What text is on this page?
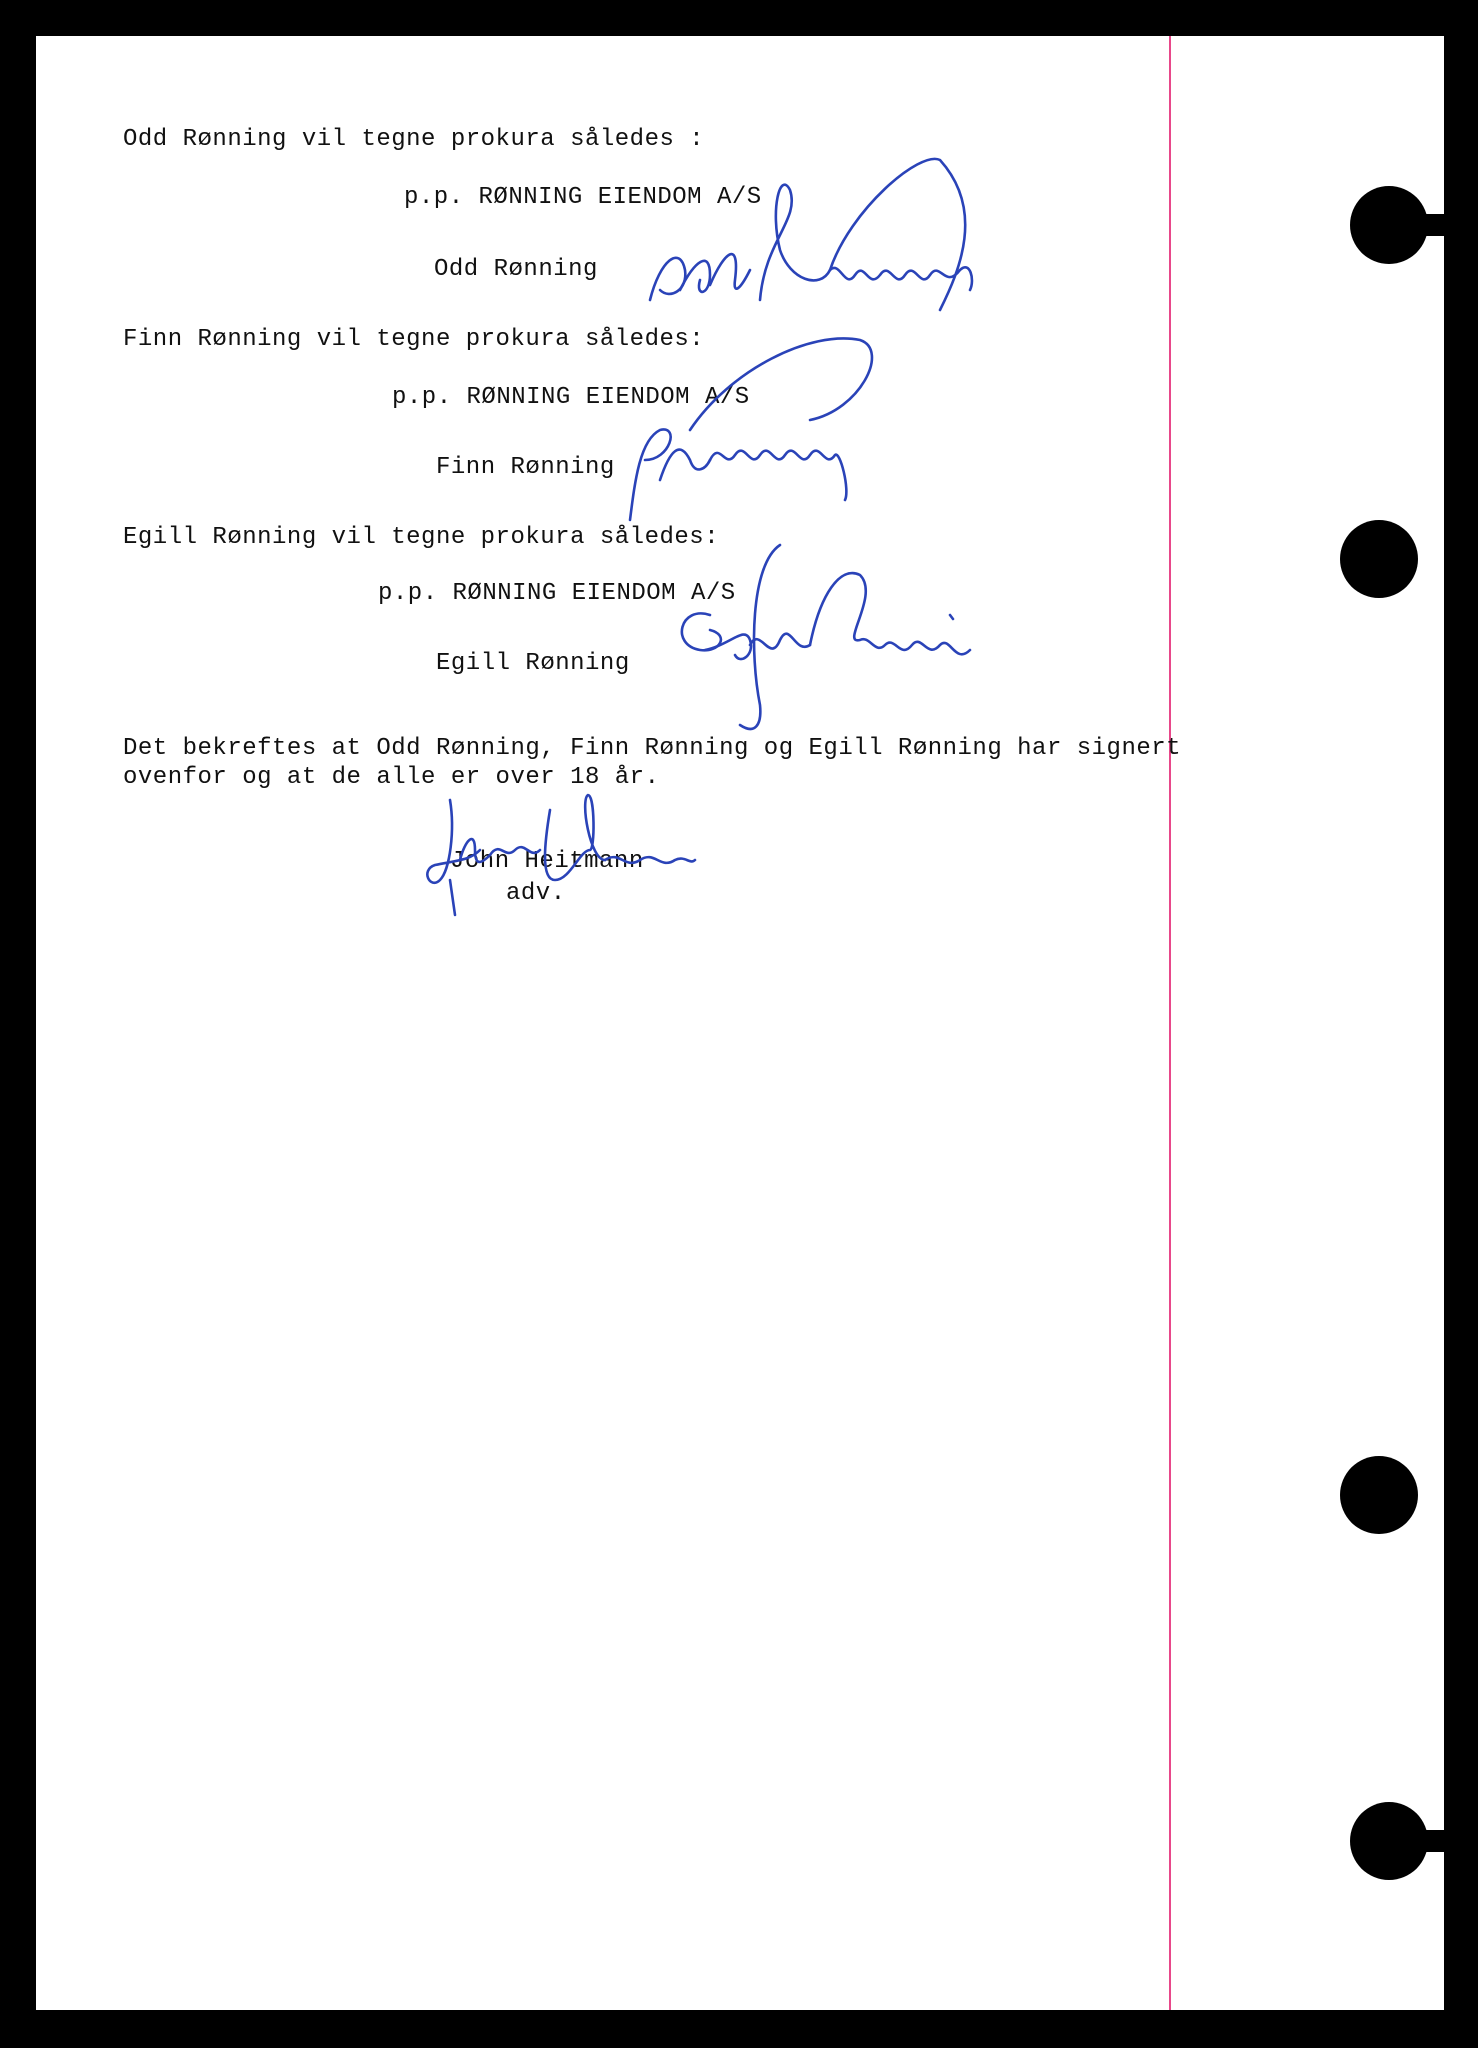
Odd Rønning vil tegne prokura således :
p.p. RØNNING EIENDOM A/S
Odd Rønning
Finn Rønning vil tegne prokura således:
p.p. RØNNING EIENDOM A/S
Finn Rønning
Egill Rønning vil tegne prokura således:
p.p. RØNNING EIENDOM A/S
Egill Rønning
Det bekreftes at Odd Rønning, Finn Rønning og Egill Rønning har signert
ovenfor og at de alle er over 18 år.
John Heitmann
adv.
